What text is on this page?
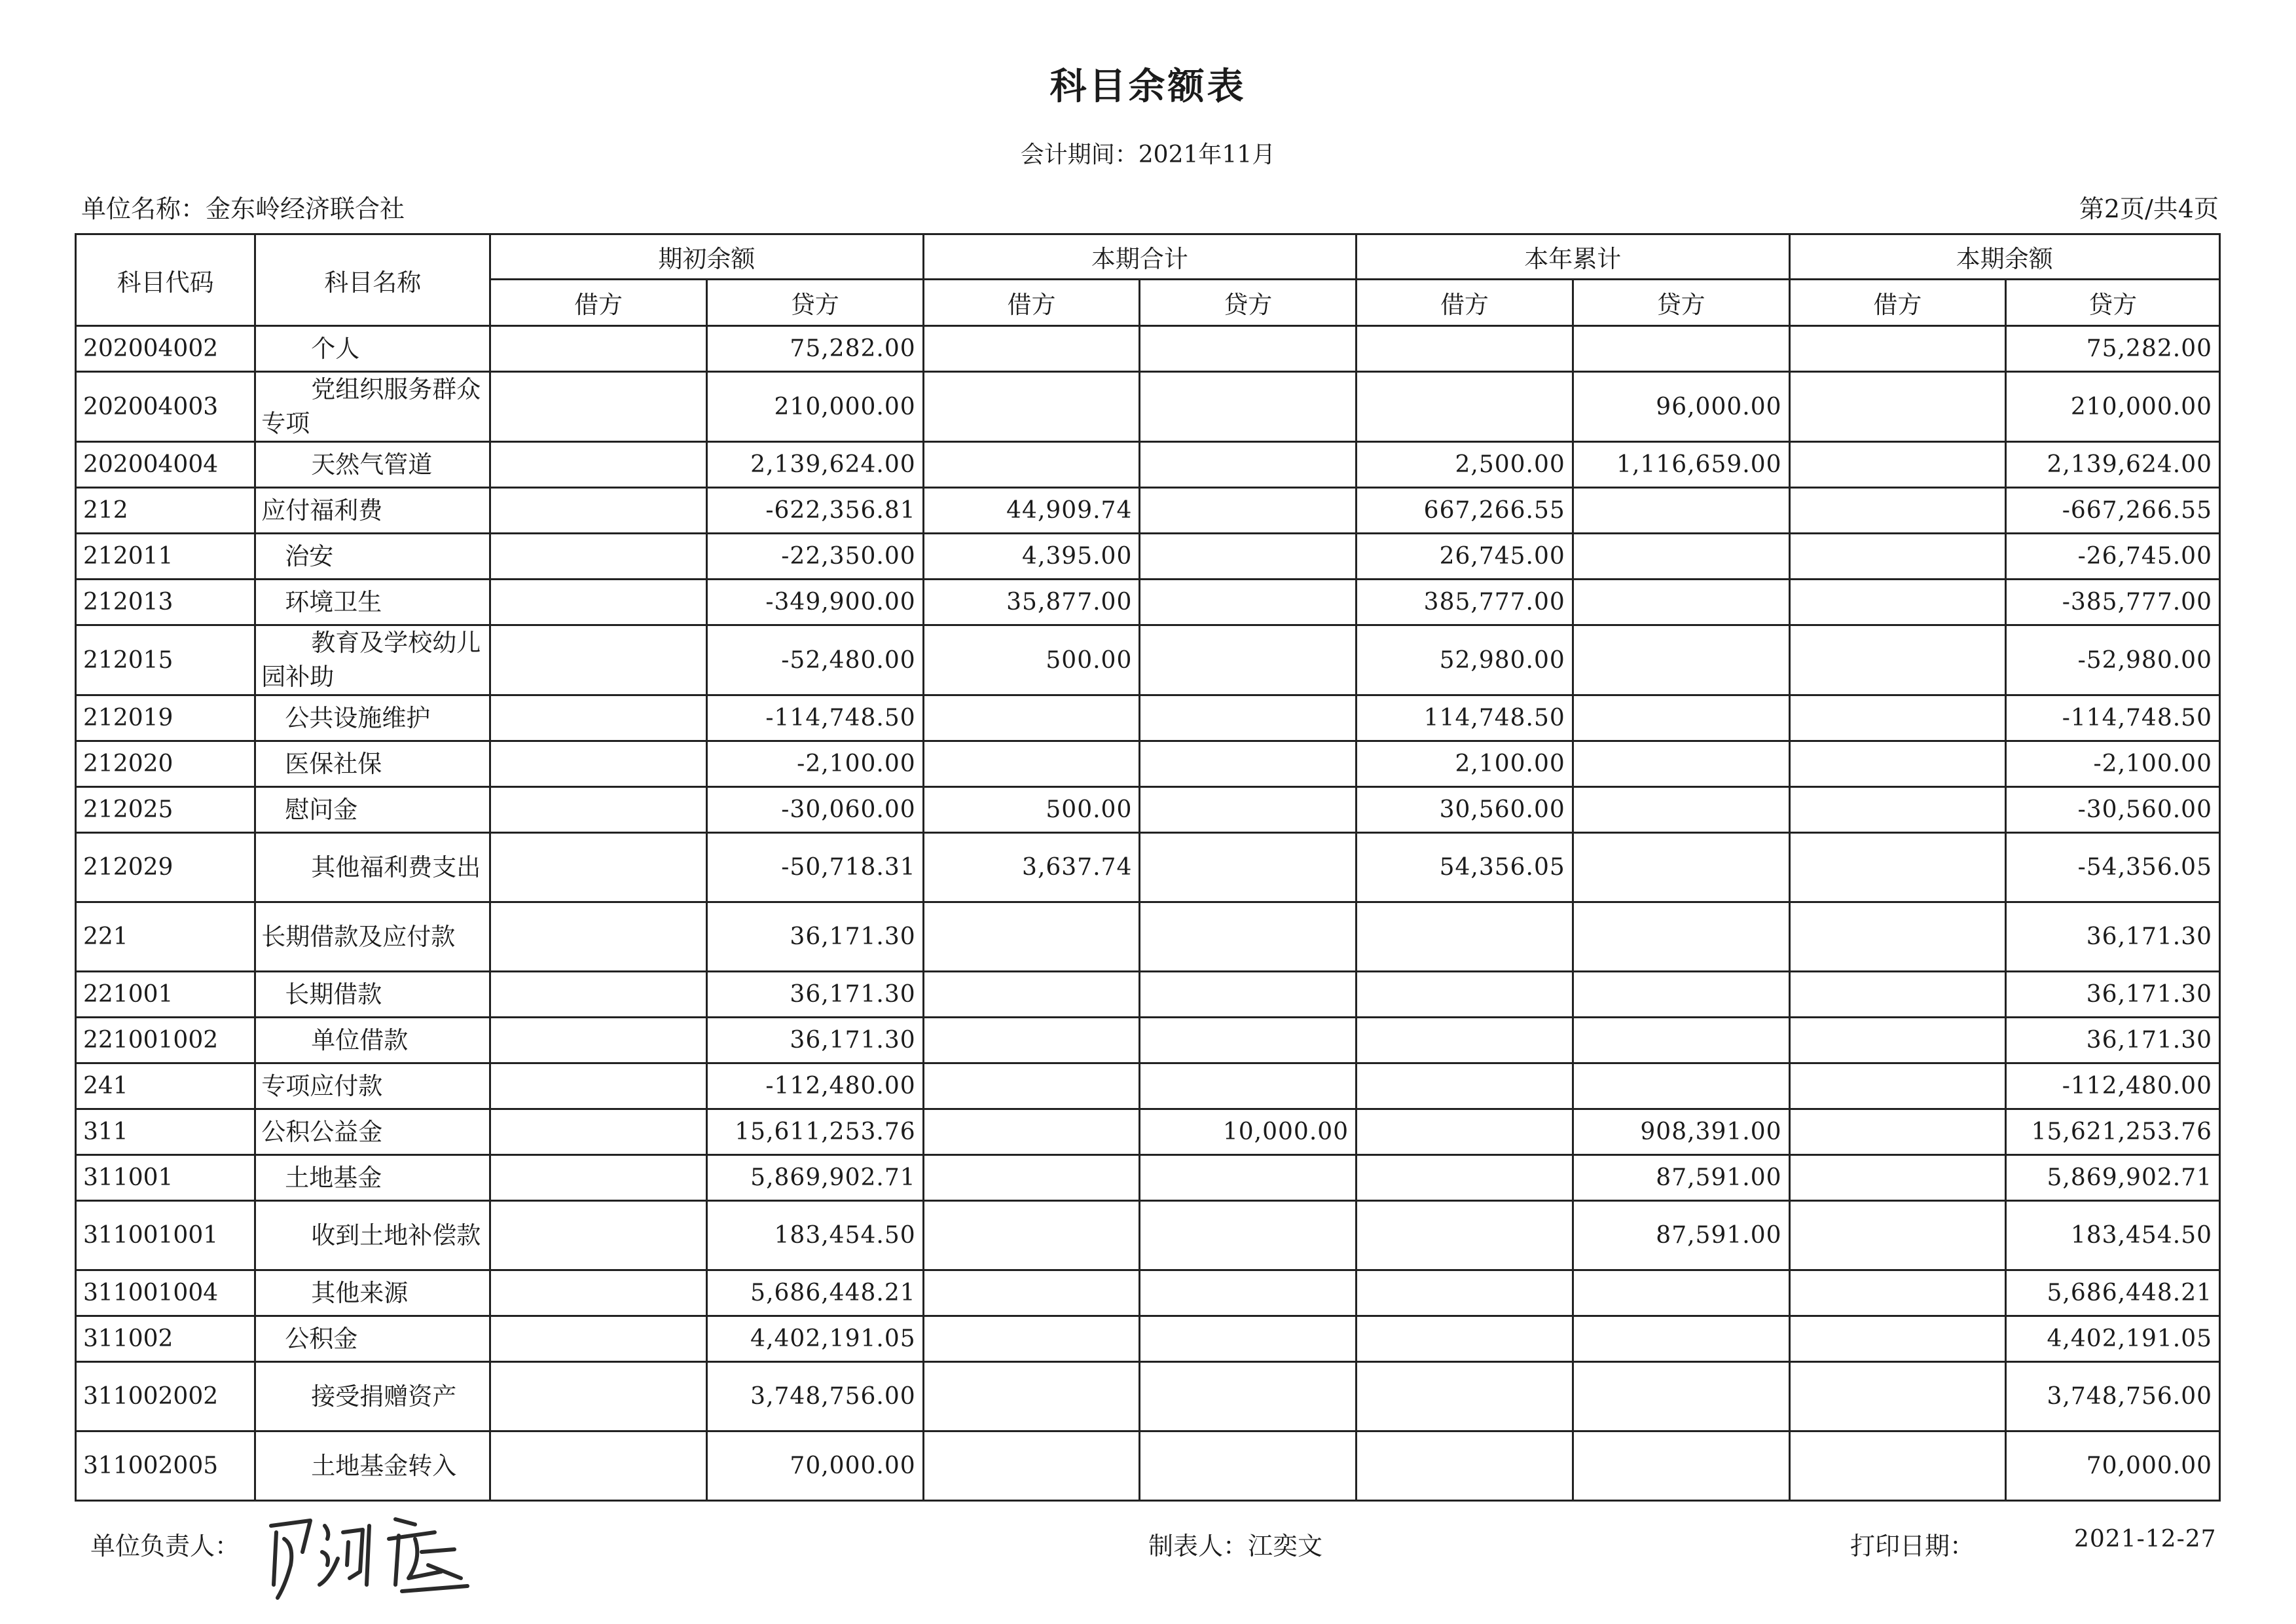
科目余额表
会计期间：2021年11月
单位名称：金东岭经济联合社	第2页/共4页
科目代码	科目名称	期初余额		本期合计		本年累计		本期余额	
		借方	贷方	借方	贷方	借方	贷方	借方	贷方
202004002	个人		75,282.00						75,282.00
202004003	党组织服务群众专项		210,000.00				96,000.00		210,000.00
202004004	天然气管道		2,139,624.00			2,500.00	1,116,659.00		2,139,624.00
212	应付福利费		-622,356.81	44,909.74		667,266.55			-667,266.55
212011	治安		-22,350.00	4,395.00		26,745.00			-26,745.00
212013	环境卫生		-349,900.00	35,877.00		385,777.00			-385,777.00
212015	教育及学校幼儿园补助		-52,480.00	500.00		52,980.00			-52,980.00
212019	公共设施维护		-114,748.50			114,748.50			-114,748.50
212020	医保社保		-2,100.00			2,100.00			-2,100.00
212025	慰问金		-30,060.00	500.00		30,560.00			-30,560.00
212029	其他福利费支出		-50,718.31	3,637.74		54,356.05			-54,356.05
221	长期借款及应付款		36,171.30						36,171.30
221001	长期借款		36,171.30						36,171.30
221001002	单位借款		36,171.30						36,171.30
241	专项应付款		-112,480.00						-112,480.00
311	公积公益金		15,611,253.76		10,000.00		908,391.00		15,621,253.76
311001	土地基金		5,869,902.71				87,591.00		5,869,902.71
311001001	收到土地补偿款		183,454.50				87,591.00		183,454.50
311001004	其他来源		5,686,448.21						5,686,448.21
311002	公积金		4,402,191.05						4,402,191.05
311002002	接受捐赠资产		3,748,756.00						3,748,756.00
311002005	土地基金转入		70,000.00						70,000.00
单位负责人：	制表人：江奕文	打印日期：	2021-12-27
